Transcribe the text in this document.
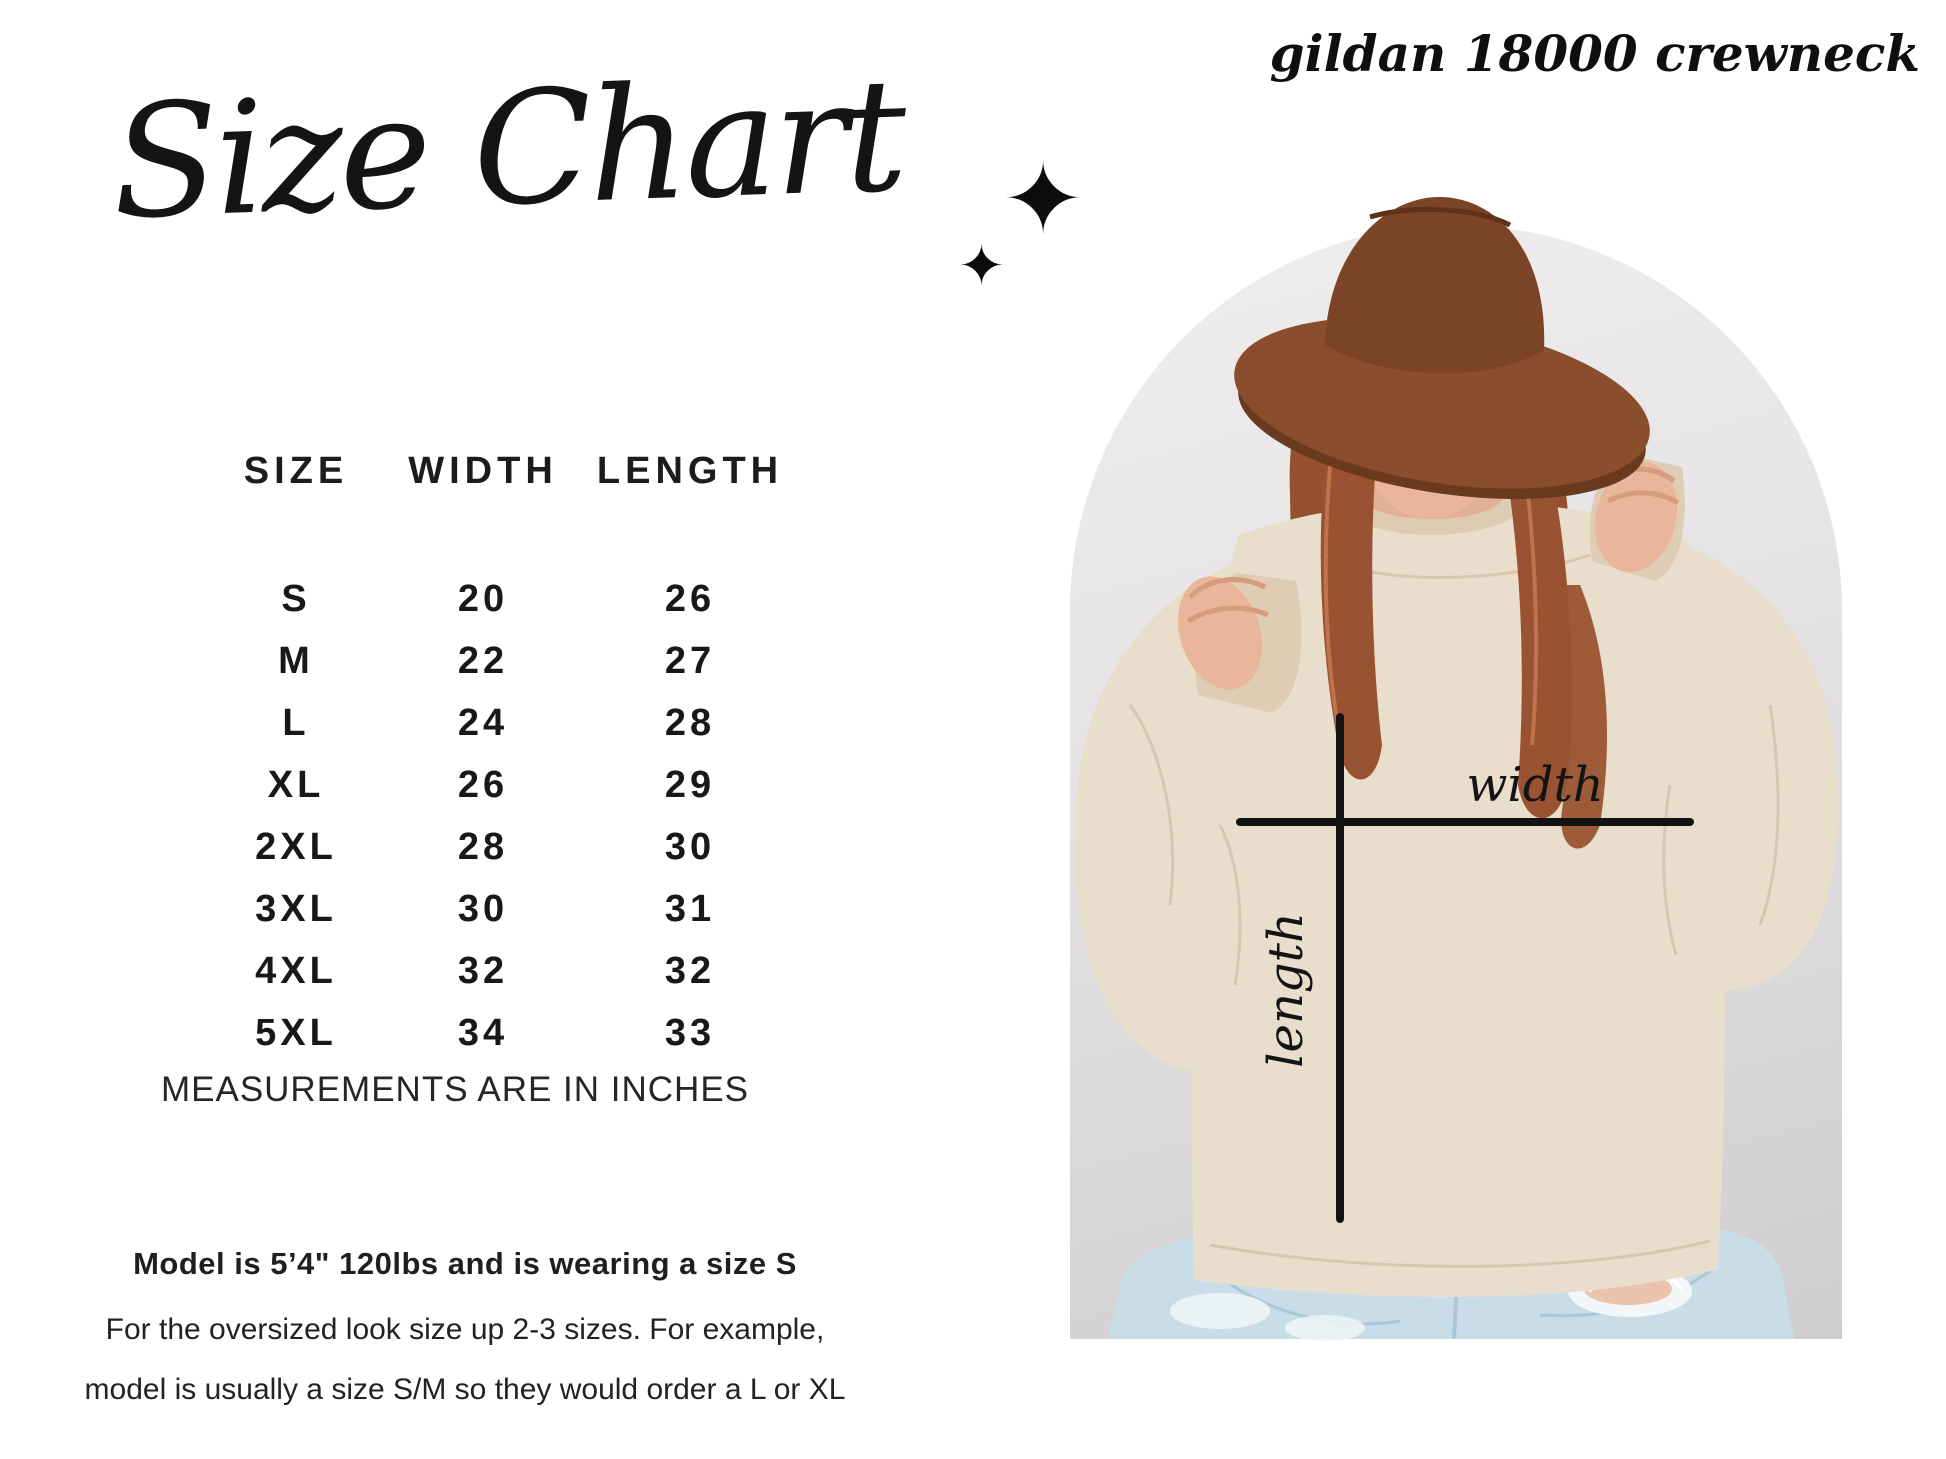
gildan 18000 crewneck
Size Chart ✦
✦
SIZE	WIDTH	LENGTH
S	20	26
M	22	27
L	24	28
XL	26	29
2XL	28	30
3XL	30	31
4XL	32	32
5XL	34	33
MEASUREMENTS ARE IN INCHES

Model is 5’4" 120lbs and is wearing a size S

For the oversized look size up 2-3 sizes. For example,

model is usually a size S/M so they would order a L or XL

width
length
